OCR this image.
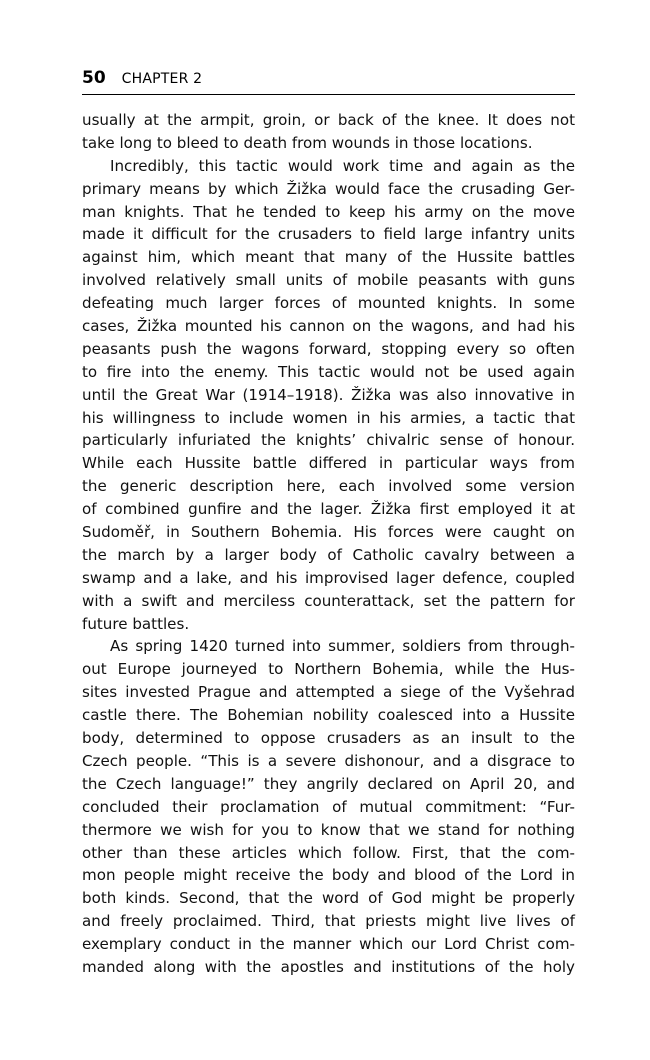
50 CHAPTER 2
usually at the armpit, groin, or back of the knee. It does not
take long to bleed to death from wounds in those locations.
Incredibly, this tactic would work time and again as the
primary means by which Žižka would face the crusading Ger-
man knights. That he tended to keep his army on the move
made it difficult for the crusaders to field large infantry units
against him, which meant that many of the Hussite battles
involved relatively small units of mobile peasants with guns
defeating much larger forces of mounted knights. In some
cases, Žižka mounted his cannon on the wagons, and had his
peasants push the wagons forward, stopping every so often
to fire into the enemy. This tactic would not be used again
until the Great War (1914–1918). Žižka was also innovative in
his willingness to include women in his armies, a tactic that
particularly infuriated the knights’ chivalric sense of honour.
While each Hussite battle differed in particular ways from
the generic description here, each involved some version
of combined gunfire and the lager. Žižka first employed it at
Sudoměř, in Southern Bohemia. His forces were caught on
the march by a larger body of Catholic cavalry between a
swamp and a lake, and his improvised lager defence, coupled
with a swift and merciless counterattack, set the pattern for
future battles.
As spring 1420 turned into summer, soldiers from through-
out Europe journeyed to Northern Bohemia, while the Hus-
sites invested Prague and attempted a siege of the Vyšehrad
castle there. The Bohemian nobility coalesced into a Hussite
body, determined to oppose crusaders as an insult to the
Czech people. “This is a severe dishonour, and a disgrace to
the Czech language!” they angrily declared on April 20, and
concluded their proclamation of mutual commitment: “Fur-
thermore we wish for you to know that we stand for nothing
other than these articles which follow. First, that the com-
mon people might receive the body and blood of the Lord in
both kinds. Second, that the word of God might be properly
and freely proclaimed. Third, that priests might live lives of
exemplary conduct in the manner which our Lord Christ com-
manded along with the apostles and institutions of the holy
